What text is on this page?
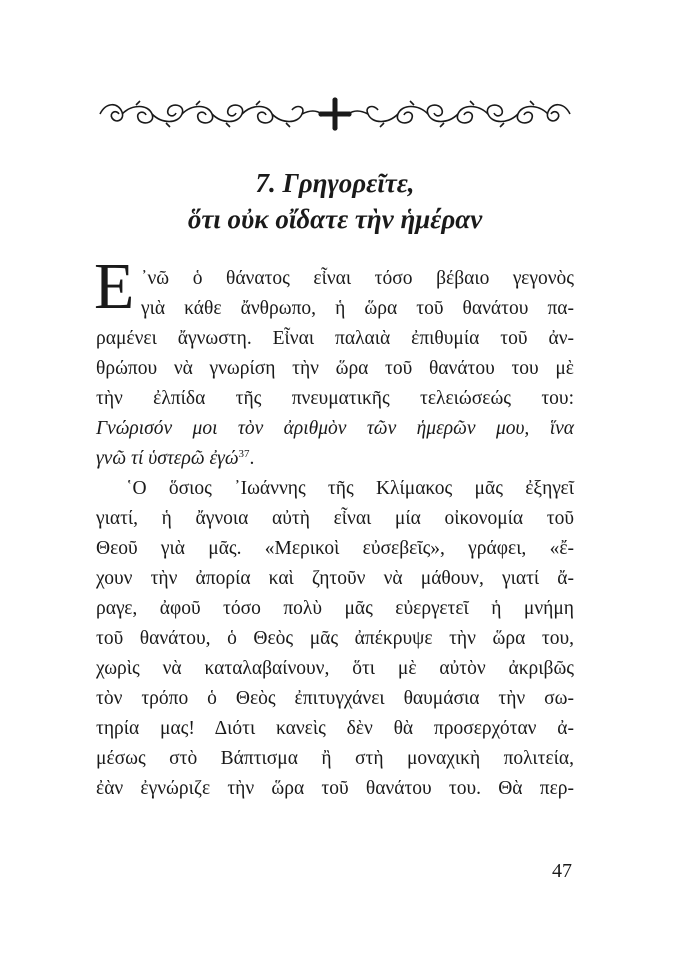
7. Γρηγορεῖτε,
ὅτι οὐκ οἴδατε τὴν ἡμέραν
Ε ᾿νῶ ὁ θάνατος εἶναι τόσο βέβαιο γεγονὸς
γιὰ κάθε ἄνθρωπο, ἡ ὥρα τοῦ θανάτου πα-
ραμένει ἄγνωστη. Εἶναι παλαιὰ ἐπιθυμία τοῦ ἀν-
θρώπου νὰ γνωρίση τὴν ὥρα τοῦ θανάτου του μὲ
τὴν ἐλπίδα τῆς πνευματικῆς τελειώσεώς του:
Γνώρισόν μοι τὸν ἀριθμὸν τῶν ἡμερῶν μου, ἵνα
γνῶ τί ὑστερῶ ἐγώ$^{37}$.
῾Ο ὅσιος ᾿Ιωάννης τῆς Κλίμακος μᾶς ἐξηγεῖ
γιατί, ἡ ἄγνοια αὐτὴ εἶναι μία οἰκονομία τοῦ
Θεοῦ γιὰ μᾶς. «Μερικοὶ εὐσεβεῖς», γράφει, «ἔ-
χουν τὴν ἀπορία καὶ ζητοῦν νὰ μάθουν, γιατί ἄ-
ραγε, ἀφοῦ τόσο πολὺ μᾶς εὐεργετεῖ ἡ μνήμη
τοῦ θανάτου, ὁ Θεὸς μᾶς ἀπέκρυψε τὴν ὥρα του,
χωρὶς νὰ καταλαβαίνουν, ὅτι μὲ αὐτὸν ἀκριβῶς
τὸν τρόπο ὁ Θεὸς ἐπιτυγχάνει θαυμάσια τὴν σω-
τηρία μας! Διότι κανεὶς δὲν θὰ προσερχόταν ἀ-
μέσως στὸ Βάπτισμα ἢ στὴ μοναχικὴ πολιτεία,
ἐὰν ἐγνώριζε τὴν ὥρα τοῦ θανάτου του. Θὰ περ-
47
